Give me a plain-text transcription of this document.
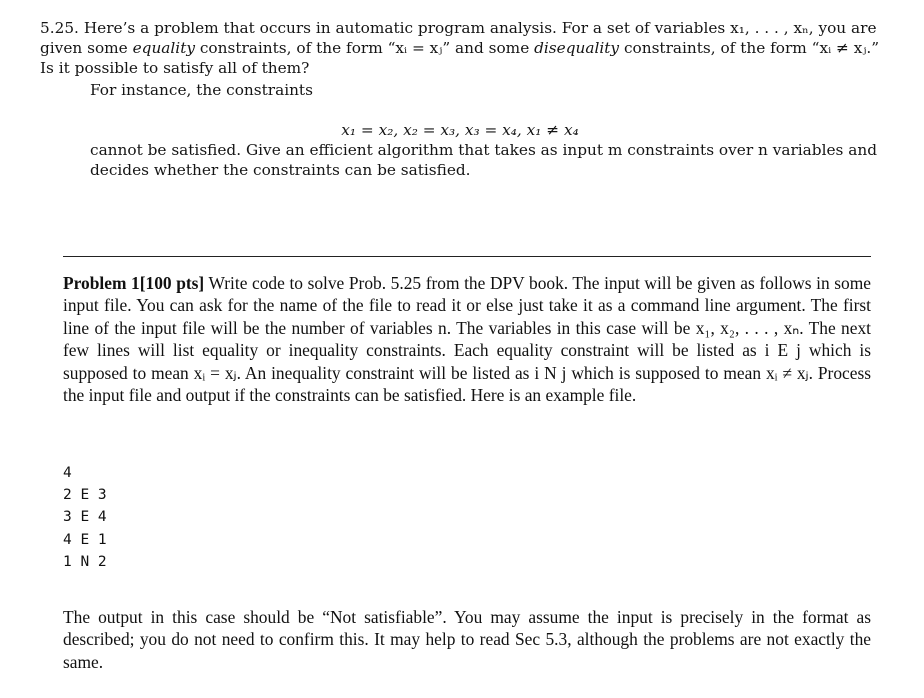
5.25. Here’s a problem that occurs in automatic program analysis. For a set of variables x₁, . . . , xₙ, you are given some equality constraints, of the form “xᵢ = xⱼ” and some disequality constraints, of the form “xᵢ ≠ xⱼ.” Is it possible to satisfy all of them?

For instance, the constraints

x₁ = x₂, x₂ = x₃, x₃ = x₄, x₁ ≠ x₄

cannot be satisfied. Give an efficient algorithm that takes as input m constraints over n variables and decides whether the constraints can be satisfied.

Problem 1[100 pts] Write code to solve Prob. 5.25 from the DPV book. The input will be given as follows in some input file. You can ask for the name of the file to read it or else just take it as a command line argument. The first line of the input file will be the number of variables n. The variables in this case will be x₁, x₂, . . . , xₙ. The next few lines will list equality or inequality constraints. Each equality constraint will be listed as i E j which is supposed to mean xᵢ = xⱼ. An inequality constraint will be listed as i N j which is supposed to mean xᵢ ≠ xⱼ. Process the input file and output if the constraints can be satisfied. Here is an example file.

4
2 E 3
3 E 4
4 E 1
1 N 2

The output in this case should be “Not satisfiable”. You may assume the input is precisely in the format as described; you do not need to confirm this. It may help to read Sec 5.3, although the problems are not exactly the same.
